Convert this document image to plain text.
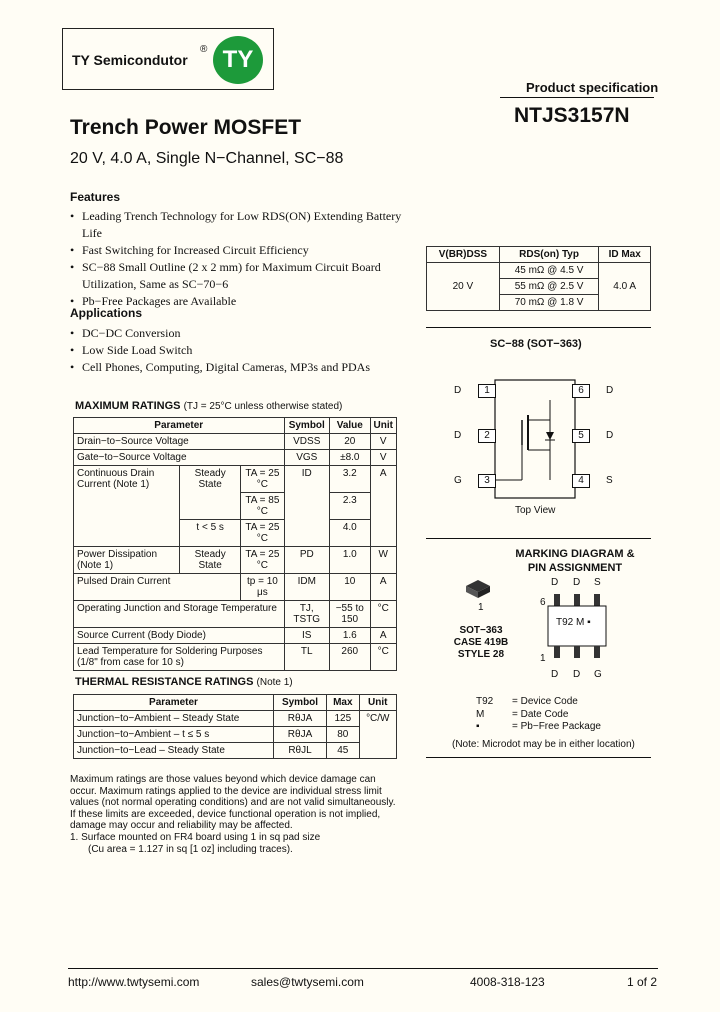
TY Semicondutor
® TY
Product specification
NTJS3157N
Trench Power MOSFET
20 V, 4.0 A, Single N−Channel, SC−88
Features
• Leading Trench Technology for Low RDS(ON) Extending Battery Life
• Fast Switching for Increased Circuit Efficiency
• SC−88 Small Outline (2 x 2 mm) for Maximum Circuit Board Utilization, Same as SC−70−6
• Pb−Free Packages are Available
Applications
• DC−DC Conversion
• Low Side Load Switch
• Cell Phones, Computing, Digital Cameras, MP3s and PDAs
V(BR)DSS	RDS(on) Typ	ID Max
20 V	45 mΩ @ 4.5 V	4.0 A
	55 mΩ @ 2.5 V	
	70 mΩ @ 1.8 V	
SC−88 (SOT−363)
D	1
D	2
G	3
6	D
5	D
4	S
Top View
MAXIMUM RATINGS (TJ = 25°C unless otherwise stated)
Parameter			Symbol	Value	Unit
Drain−to−Source Voltage			VDSS	20	V
Gate−to−Source Voltage			VGS	±8.0	V
Continuous Drain Current (Note 1)	Steady State	TA = 25 °C	ID	3.2	A
		TA = 85 °C		2.3	
	t < 5 s	TA = 25 °C		4.0	
Power Dissipation (Note 1)	Steady State	TA = 25 °C	PD	1.0	W
Pulsed Drain Current		tp = 10 μs	IDM	10	A
Operating Junction and Storage Temperature			TJ, TSTG	−55 to 150	°C
Source Current (Body Diode)			IS	1.6	A
Lead Temperature for Soldering Purposes (1/8" from case for 10 s)			TL	260	°C
THERMAL RESISTANCE RATINGS (Note 1)
Parameter	Symbol	Max	Unit
Junction−to−Ambient – Steady State	RθJA	125	°C/W
Junction−to−Ambient – t ≤ 5 s	RθJA	80	
Junction−to−Lead – Steady State	RθJL	45	
Maximum ratings are those values beyond which device damage can occur. Maximum ratings applied to the device are individual stress limit values (not normal operating conditions) and are not valid simultaneously. If these limits are exceeded, device functional operation is not implied, damage may occur and reliability may be affected.
1. Surface mounted on FR4 board using 1 in sq pad size
(Cu area = 1.127 in sq [1 oz] including traces).
MARKING DIAGRAM & PIN ASSIGNMENT
1
SOT−363
CASE 419B
STYLE 28
D D S
6
T92 M ▪
1
D D G
T92 = Device Code
M	= Date Code
▪	= Pb−Free Package
(Note: Microdot may be in either location)
http://www.twtysemi.com	sales@twtysemi.com	4008-318-123	1 of 2
